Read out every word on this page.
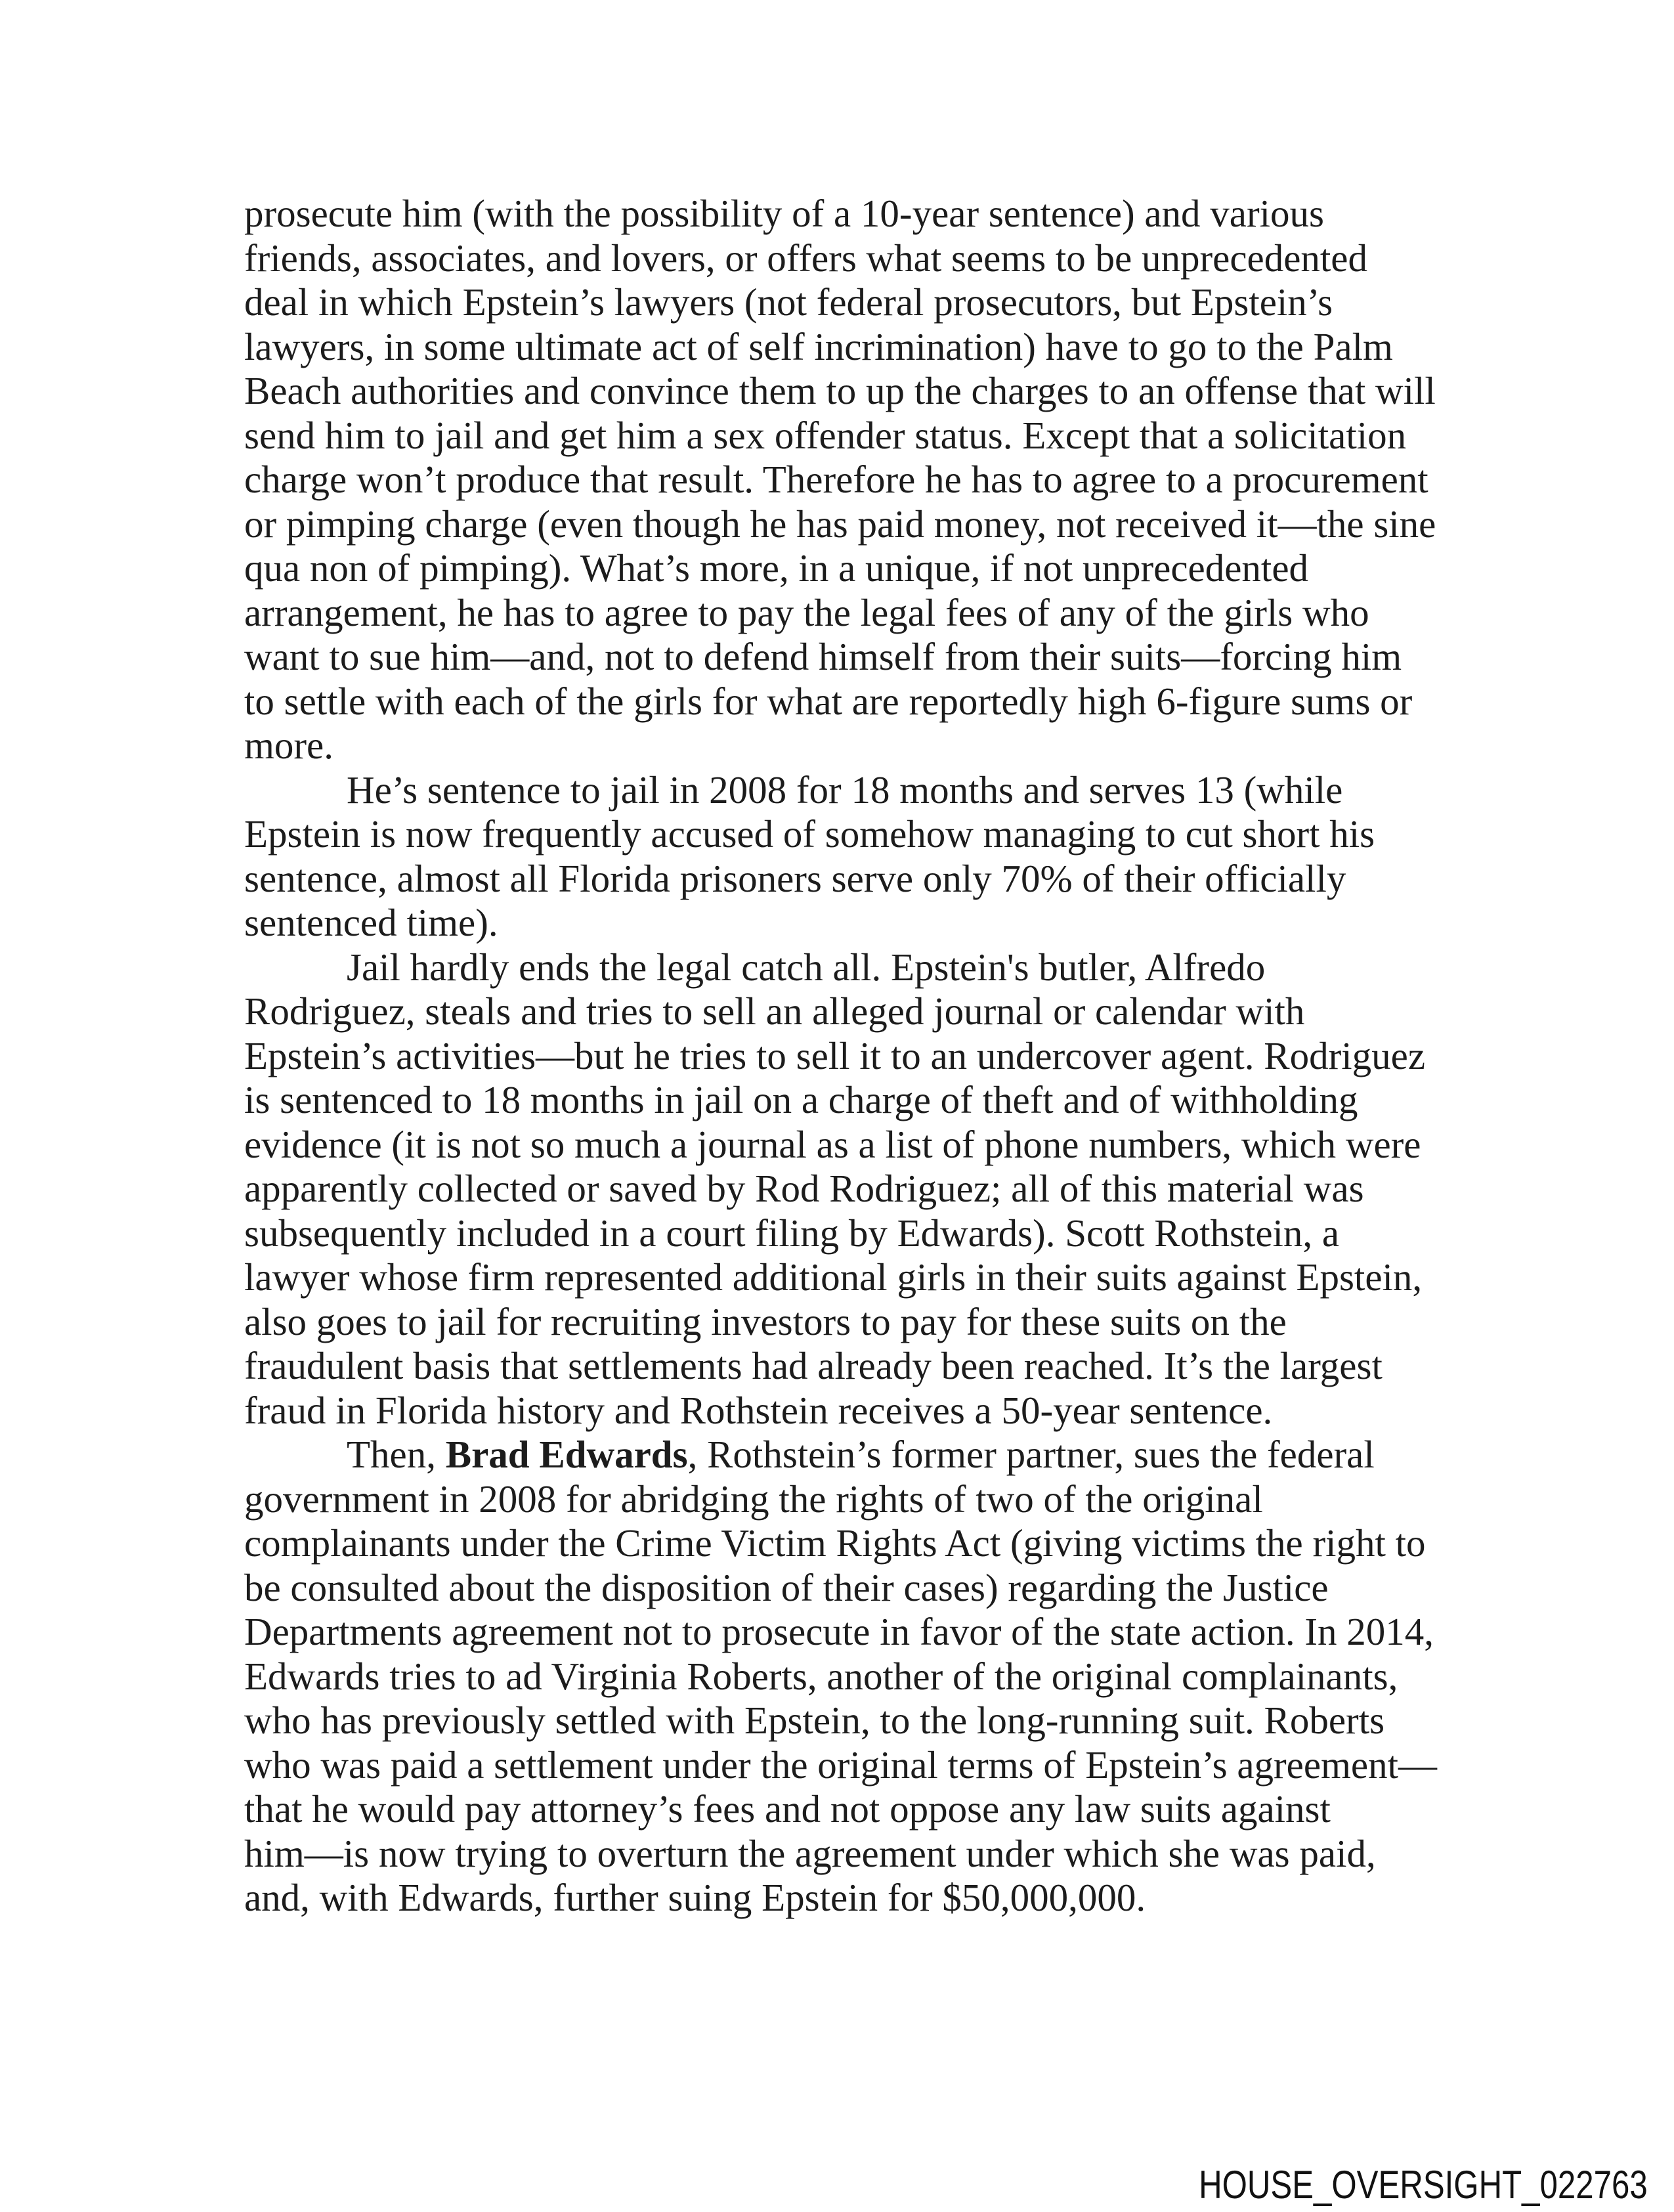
prosecute him (with the possibility of a 10-year sentence) and various
friends, associates, and lovers, or offers what seems to be unprecedented
deal in which Epstein’s lawyers (not federal prosecutors, but Epstein’s
lawyers, in some ultimate act of self incrimination) have to go to the Palm
Beach authorities and convince them to up the charges to an offense that will
send him to jail and get him a sex offender status. Except that a solicitation
charge won’t produce that result. Therefore he has to agree to a procurement
or pimping charge (even though he has paid money, not received it—the sine
qua non of pimping). What’s more, in a unique, if not unprecedented
arrangement, he has to agree to pay the legal fees of any of the girls who
want to sue him—and, not to defend himself from their suits—forcing him
to settle with each of the girls for what are reportedly high 6-figure sums or
more.
He’s sentence to jail in 2008 for 18 months and serves 13 (while
Epstein is now frequently accused of somehow managing to cut short his
sentence, almost all Florida prisoners serve only 70% of their officially
sentenced time).
Jail hardly ends the legal catch all. Epstein's butler, Alfredo
Rodriguez, steals and tries to sell an alleged journal or calendar with
Epstein’s activities—but he tries to sell it to an undercover agent. Rodriguez
is sentenced to 18 months in jail on a charge of theft and of withholding
evidence (it is not so much a journal as a list of phone numbers, which were
apparently collected or saved by Rod Rodriguez; all of this material was
subsequently included in a court filing by Edwards). Scott Rothstein, a
lawyer whose firm represented additional girls in their suits against Epstein,
also goes to jail for recruiting investors to pay for these suits on the
fraudulent basis that settlements had already been reached. It’s the largest
fraud in Florida history and Rothstein receives a 50-year sentence.
Then, Brad Edwards, Rothstein’s former partner, sues the federal
government in 2008 for abridging the rights of two of the original
complainants under the Crime Victim Rights Act (giving victims the right to
be consulted about the disposition of their cases) regarding the Justice
Departments agreement not to prosecute in favor of the state action. In 2014,
Edwards tries to ad Virginia Roberts, another of the original complainants,
who has previously settled with Epstein, to the long-running suit. Roberts
who was paid a settlement under the original terms of Epstein’s agreement—
that he would pay attorney’s fees and not oppose any law suits against
him—is now trying to overturn the agreement under which she was paid,
and, with Edwards, further suing Epstein for $50,000,000.
HOUSE_OVERSIGHT_022763
